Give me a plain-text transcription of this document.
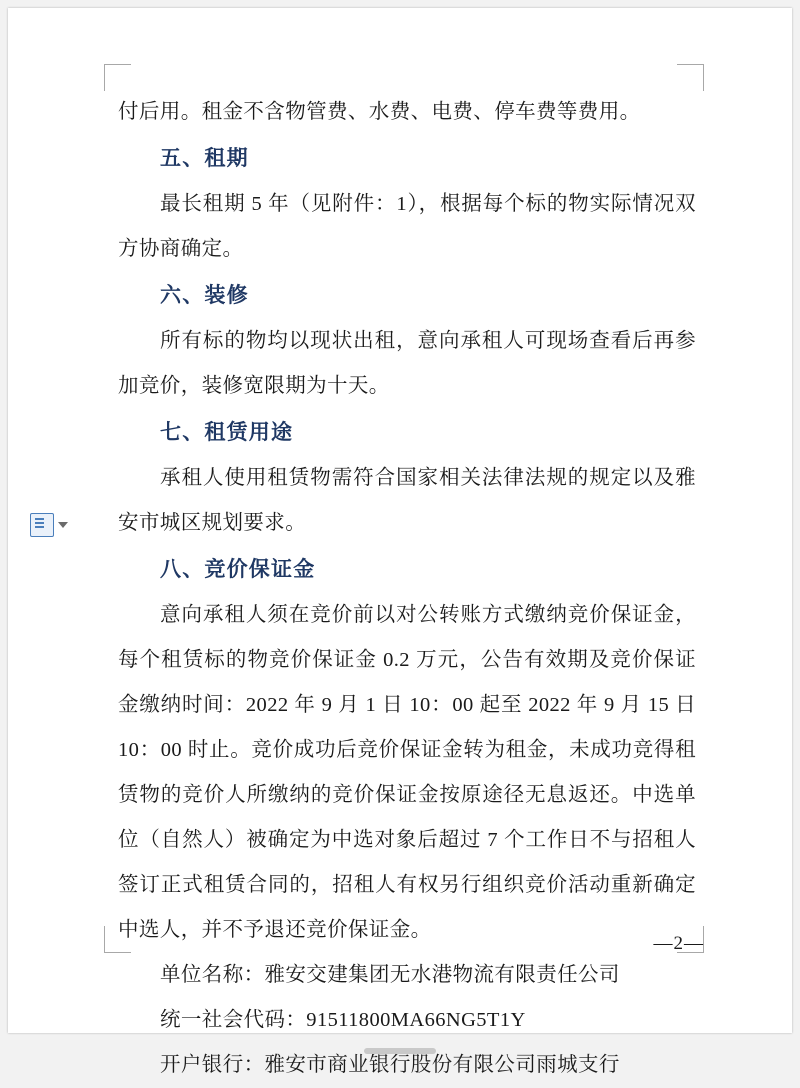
付后用。租金不含物管费、水费、电费、停车费等费用。

五、租期

最长租期 5 年（见附件：1），根据每个标的物实际情况双方协商确定。

六、装修

所有标的物均以现状出租，意向承租人可现场查看后再参加竞价，装修宽限期为十天。

七、租赁用途

承租人使用租赁物需符合国家相关法律法规的规定以及雅安市城区规划要求。

八、竞价保证金

意向承租人须在竞价前以对公转账方式缴纳竞价保证金，每个租赁标的物竞价保证金 0.2 万元，公告有效期及竞价保证金缴纳时间：2022 年 9 月 1 日 10：00 起至 2022 年 9 月 15 日 10：00 时止。竞价成功后竞价保证金转为租金，未成功竞得租赁物的竞价人所缴纳的竞价保证金按原途径无息返还。中选单位（自然人）被确定为中选对象后超过 7 个工作日不与招租人签订正式租赁合同的，招租人有权另行组织竞价活动重新确定中选人，并不予退还竞价保证金。

单位名称：雅安交建集团无水港物流有限责任公司

统一社会代码：91511800MA66NG5T1Y

开户银行：雅安市商业银行股份有限公司雨城支行

—2—
